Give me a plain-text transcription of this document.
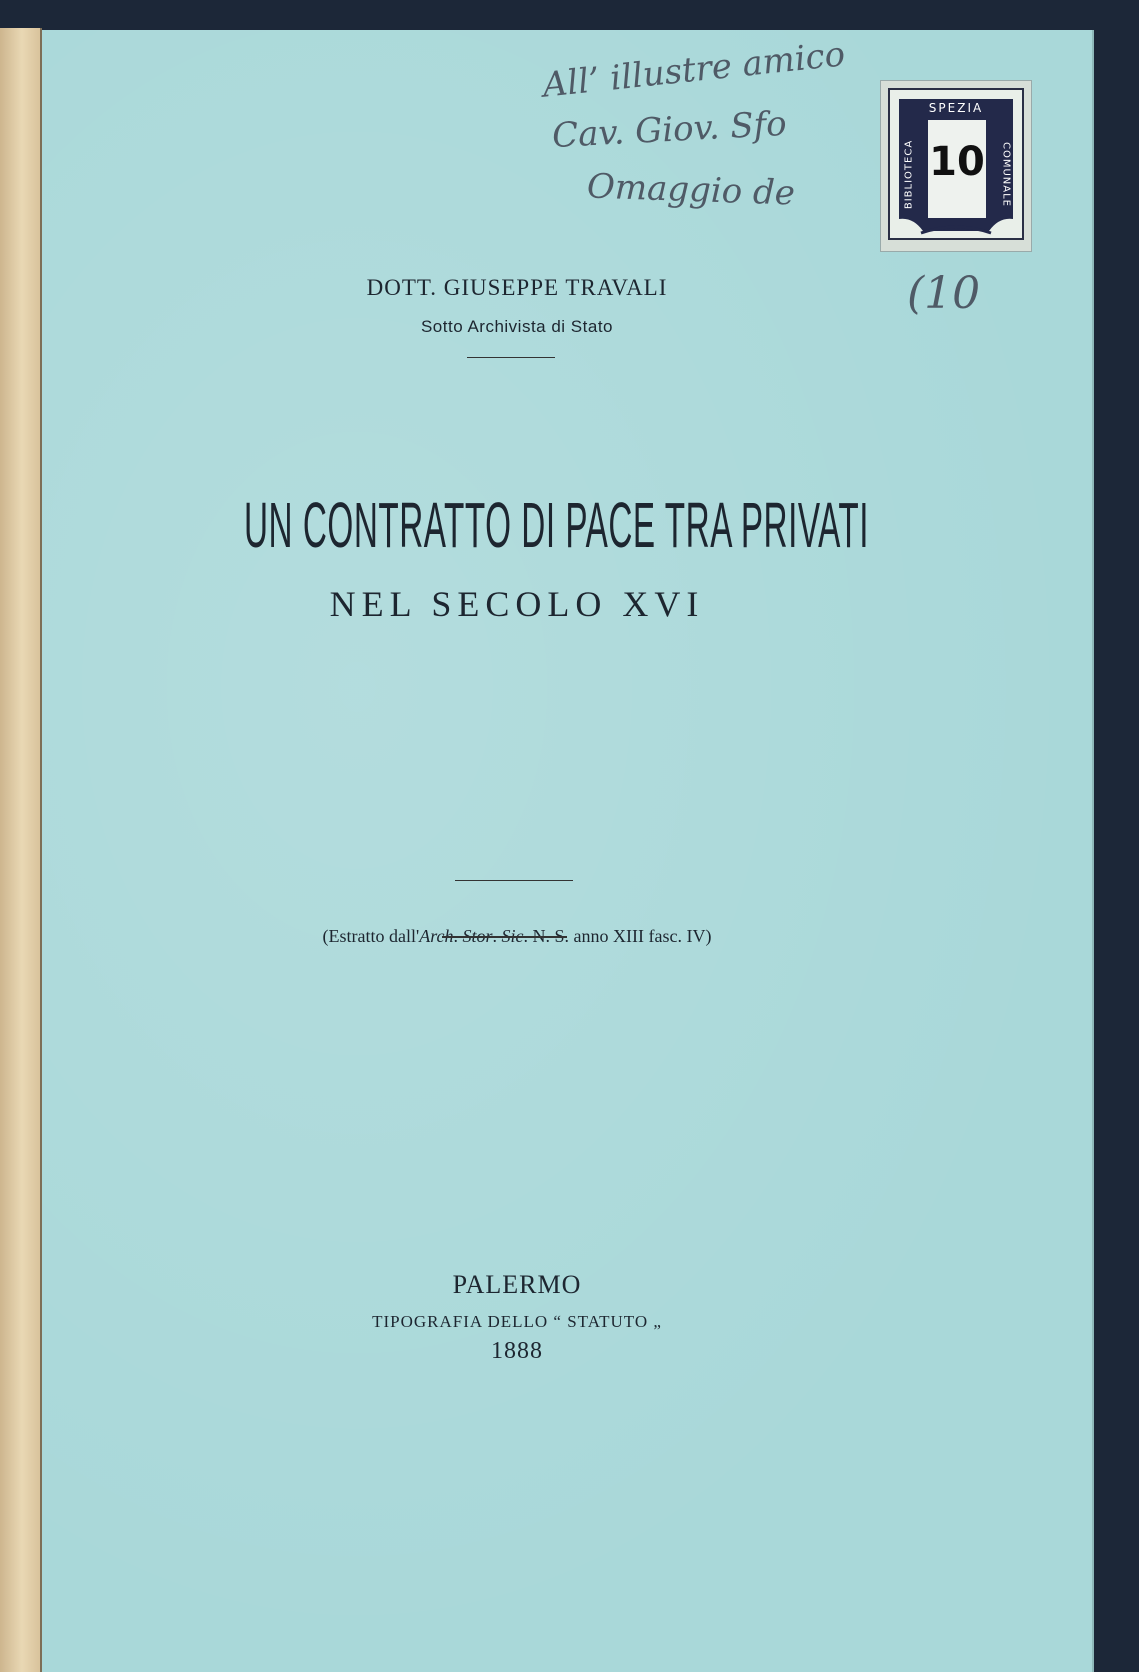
All’ illustre amico
Cav. Giov. Sfo
Omaggio de
(10
SPEZIA
BIBLIOTECA	COMUNALE
10
DOTT. GIUSEPPE TRAVALI
Sotto Archivista di Stato
UN CONTRATTO DI PACE TRA PRIVATI
NEL SECOLO XVI
(Estratto dall'Arch. Stor. Sic. N. S. anno XIII fasc. IV)
PALERMO
TIPOGRAFIA DELLO “ STATUTO „
1888
